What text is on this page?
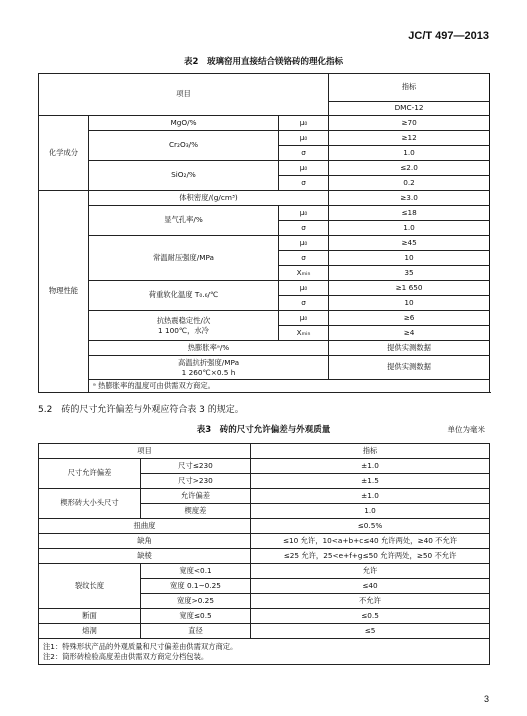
JC/T 497—2013
表2　玻璃窑用直接结合镁铬砖的理化指标
项目			指标
			DMC-12
化学成分	MgO/%	μ₀	≥70
	Cr₂O₃/%	μ₀	≥12
		σ	1.0
	SiO₂/%	μ₀	≤2.0
		σ	0.2
物理性能	体积密度/(g/cm³)		≥3.0
	显气孔率/%	μ₀	≤18
		σ	1.0
	常温耐压强度/MPa	μ₀	≥45
		σ	10
		Xₘᵢₙ	35
	荷重软化温度 T₀.₆/℃	μ₀	≥1 650
		σ	10

	抗热震稳定性/次
1 100℃，水冷	μ₀	≥6
		Xₘᵢₙ	≥4
	热膨胀率ᵃ/%		提供实测数据

	高温抗折强度/MPa
1 260℃×0.5 h		提供实测数据
	ᵃ 热膨胀率的温度可由供需双方商定。		
5.2　砖的尺寸允许偏差与外观应符合表 3 的规定。
表3　砖的尺寸允许偏差与外观质量	单位为毫米
项目		指标
尺寸允许偏差	尺寸≤230	±1.0
	尺寸>230	±1.5
楔形砖大小头尺寸	允许偏差	±1.0
	楔度差	1.0
扭曲度		≤0.5%
缺角		≤10 允许，10<a+b+c≤40 允许两处，≥40 不允许
缺棱		≤25 允许，25<e+f+g≤50 允许两处，≥50 不允许
裂纹长度	宽度<0.1	允许
	宽度 0.1~0.25	≤40
	宽度>0.25	不允许
断面	宽度≤0.5	≤0.5
熔洞	直径	≤5

注1：特殊形状产品的外观质量和尺寸偏差由供需双方商定。
注2：筒形砖检验高度差由供需双方商定分档包装。		
3
